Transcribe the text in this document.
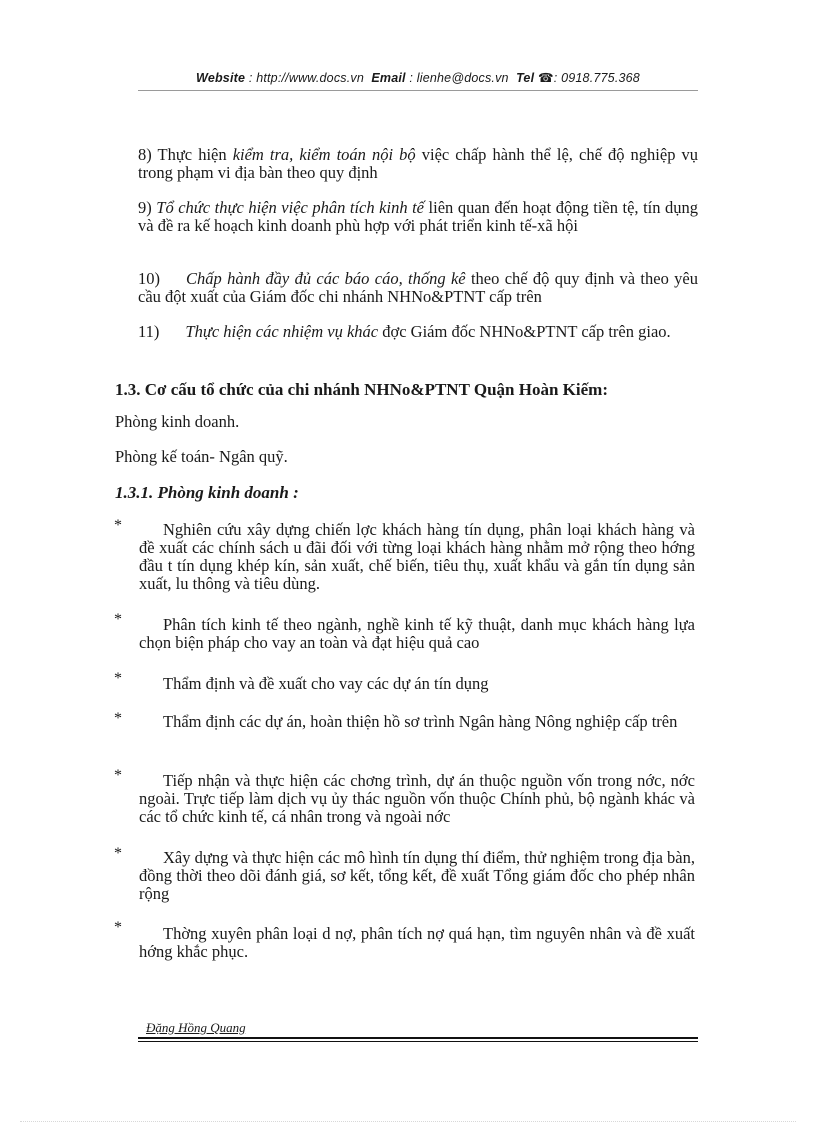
Website : http://www.docs.vn Email : lienhe@docs.vn Tel ☎: 0918.775.368
8) Thực hiện kiểm tra, kiểm toán nội bộ việc chấp hành thể lệ, chế độ nghiệp vụ trong phạm vi địa bàn theo quy định
9) Tổ chức thực hiện việc phân tích kinh tế liên quan đến hoạt động tiền tệ, tín dụng và đề ra kế hoạch kinh doanh phù hợp với phát triển kinh tế-xã hội
10) Chấp hành đầy đủ các báo cáo, thống kê theo chế độ quy định và theo yêu cầu đột xuất của Giám đốc chi nhánh NHNo&PTNT cấp trên
11) Thực hiện các nhiệm vụ khác đợc Giám đốc NHNo&PTNT cấp trên giao.
1.3. Cơ cấu tổ chức của chi nhánh NHNo&PTNT Quận Hoàn Kiếm:
Phòng kinh doanh.
Phòng kế toán- Ngân quỹ.
1.3.1. Phòng kinh doanh :
*	Nghiên cứu xây dựng chiến lợc khách hàng tín dụng, phân loại khách hàng và đề xuất các chính sách u đãi đối với từng loại khách hàng nhằm mở rộng theo hớng đầu t tín dụng khép kín, sản xuất, chế biến, tiêu thụ, xuất khẩu và gắn tín dụng sản xuất, lu thông và tiêu dùng.
*	Phân tích kinh tế theo ngành, nghề kinh tế kỹ thuật, danh mục khách hàng lựa chọn biện pháp cho vay an toàn và đạt hiệu quả cao
*	Thẩm định và đề xuất cho vay các dự án tín dụng
*	Thẩm định các dự án, hoàn thiện hồ sơ trình Ngân hàng Nông nghiệp cấp trên
*	Tiếp nhận và thực hiện các chơng trình, dự án thuộc nguồn vốn trong nớc, nớc ngoài. Trực tiếp làm dịch vụ ủy thác nguồn vốn thuộc Chính phủ, bộ ngành khác và các tổ chức kinh tế, cá nhân trong và ngoài nớc
*	Xây dựng và thực hiện các mô hình tín dụng thí điểm, thử nghiệm trong địa bàn, đồng thời theo dõi đánh giá, sơ kết, tổng kết, đề xuất Tổng giám đốc cho phép nhân rộng
*	Thờng xuyên phân loại d nợ, phân tích nợ quá hạn, tìm nguyên nhân và đề xuất hớng khắc phục.
Đặng Hồng Quang
